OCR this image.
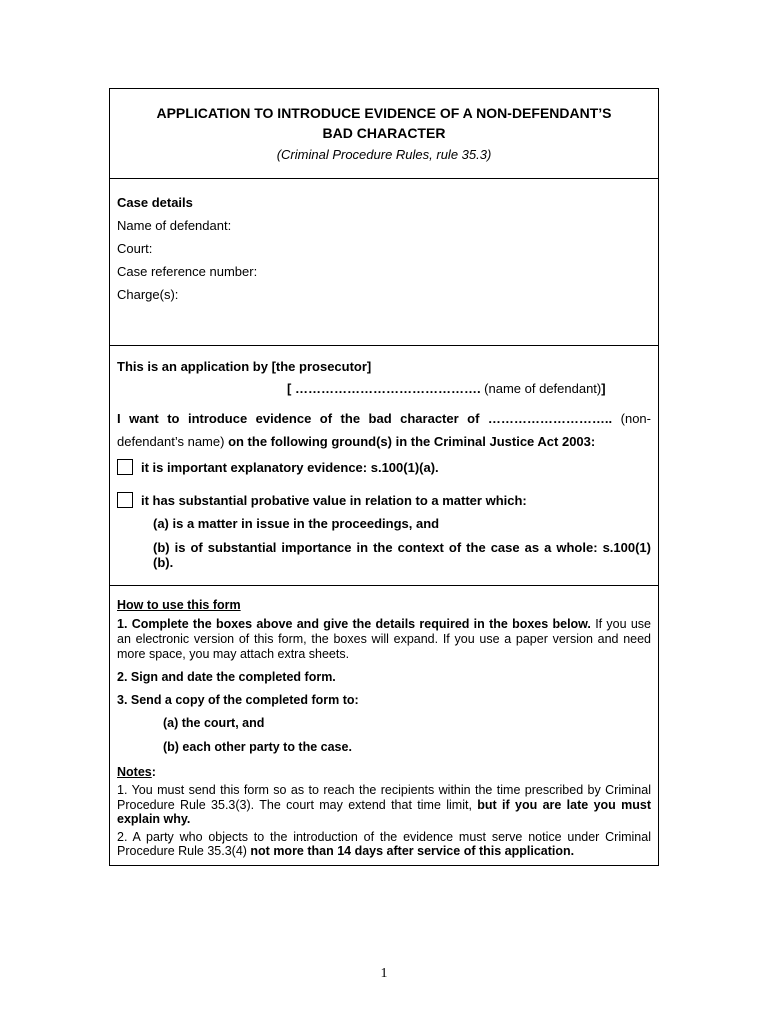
APPLICATION TO INTRODUCE EVIDENCE OF A NON-DEFENDANT’S
BAD CHARACTER
(Criminal Procedure Rules, rule 35.3)
Case details
Name of defendant:
Court:
Case reference number:
Charge(s):
This is an application by [the prosecutor]
[ ……………………………………. (name of defendant)]
I want to introduce evidence of the bad character of ……………………….. (non-defendant’s name) on the following ground(s) in the Criminal Justice Act 2003:
it is important explanatory evidence: s.100(1)(a).
it has substantial probative value in relation to a matter which:
(a) is a matter in issue in the proceedings, and
(b) is of substantial importance in the context of the case as a whole: s.100(1)(b).
How to use this form
1. Complete the boxes above and give the details required in the boxes below. If you use an electronic version of this form, the boxes will expand. If you use a paper version and need more space, you may attach extra sheets.
2. Sign and date the completed form.
3. Send a copy of the completed form to:
(a) the court, and
(b) each other party to the case.
Notes:
1. You must send this form so as to reach the recipients within the time prescribed by Criminal Procedure Rule 35.3(3). The court may extend that time limit, but if you are late you must explain why.
2. A party who objects to the introduction of the evidence must serve notice under Criminal Procedure Rule 35.3(4) not more than 14 days after service of this application.
1
